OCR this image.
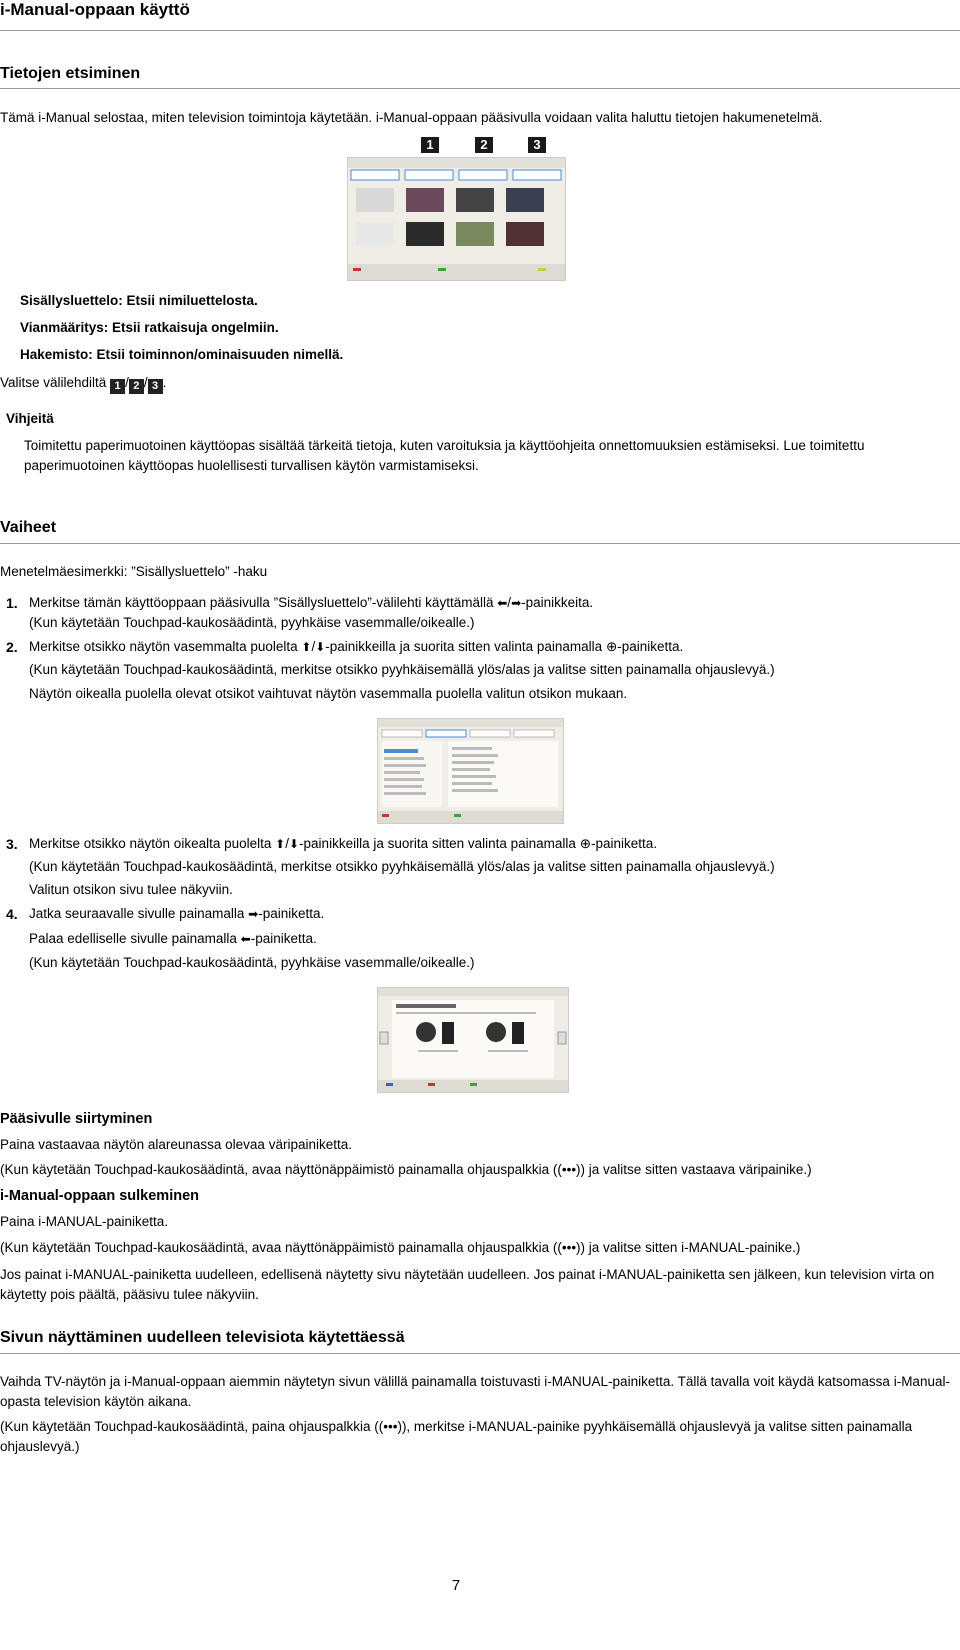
i-Manual-oppaan käyttö
Tietojen etsiminen
Tämä i-Manual selostaa, miten television toimintoja käytetään. i-Manual-oppaan pääsivulla voidaan valita haluttu tietojen hakumenetelmä.
1	2	3
Sisällysluettelo: Etsii nimiluettelosta.
Vianmääritys: Etsii ratkaisuja ongelmiin.
Hakemisto: Etsii toiminnon/ominaisuuden nimellä.
Valitse välilehdiltä 1 / 2 / 3 .
Vihjeitä
Toimitettu paperimuotoinen käyttöopas sisältää tärkeitä tietoja, kuten varoituksia ja käyttöohjeita onnettomuuksien estämiseksi. Lue toimitettu paperimuotoinen käyttöopas huolellisesti turvallisen käytön varmistamiseksi.
Vaiheet
Menetelmäesimerkki: ”Sisällysluettelo” -haku
1. Merkitse tämän käyttöoppaan pääsivulla ”Sisällysluettelo”-välilehti käyttämällä ⬅/➡-painikkeita.
(Kun käytetään Touchpad-kaukosäädintä, pyyhkäise vasemmalle/oikealle.)
2. Merkitse otsikko näytön vasemmalta puolelta ⬆/⬇-painikkeilla ja suorita sitten valinta painamalla ⊕-painiketta.
(Kun käytetään Touchpad-kaukosäädintä, merkitse otsikko pyyhkäisemällä ylös/alas ja valitse sitten painamalla ohjauslevyä.)
Näytön oikealla puolella olevat otsikot vaihtuvat näytön vasemmalla puolella valitun otsikon mukaan.
3. Merkitse otsikko näytön oikealta puolelta ⬆/⬇-painikkeilla ja suorita sitten valinta painamalla ⊕-painiketta.
(Kun käytetään Touchpad-kaukosäädintä, merkitse otsikko pyyhkäisemällä ylös/alas ja valitse sitten painamalla ohjauslevyä.)
Valitun otsikon sivu tulee näkyviin.
4. Jatka seuraavalle sivulle painamalla ➡-painiketta.
Palaa edelliselle sivulle painamalla ⬅-painiketta.
(Kun käytetään Touchpad-kaukosäädintä, pyyhkäise vasemmalle/oikealle.)
Pääsivulle siirtyminen
Paina vastaavaa näytön alareunassa olevaa väripainiketta.
(Kun käytetään Touchpad-kaukosäädintä, avaa näyttönäppäimistö painamalla ohjauspalkkia ((•••)) ja valitse sitten vastaava väripainike.)
i-Manual-oppaan sulkeminen
Paina i-MANUAL-painiketta.
(Kun käytetään Touchpad-kaukosäädintä, avaa näyttönäppäimistö painamalla ohjauspalkkia ((•••)) ja valitse sitten i-MANUAL-painike.)
Jos painat i-MANUAL-painiketta uudelleen, edellisenä näytetty sivu näytetään uudelleen. Jos painat i-MANUAL-painiketta sen jälkeen, kun television virta on käytetty pois päältä, pääsivu tulee näkyviin.
Sivun näyttäminen uudelleen televisiota käytettäessä
Vaihda TV-näytön ja i-Manual-oppaan aiemmin näytetyn sivun välillä painamalla toistuvasti i-MANUAL-painiketta. Tällä tavalla voit käydä katsomassa i-Manual-opasta television käytön aikana.
(Kun käytetään Touchpad-kaukosäädintä, paina ohjauspalkkia ((•••)), merkitse i-MANUAL-painike pyyhkäisemällä ohjauslevyä ja valitse sitten painamalla ohjauslevyä.)
7
